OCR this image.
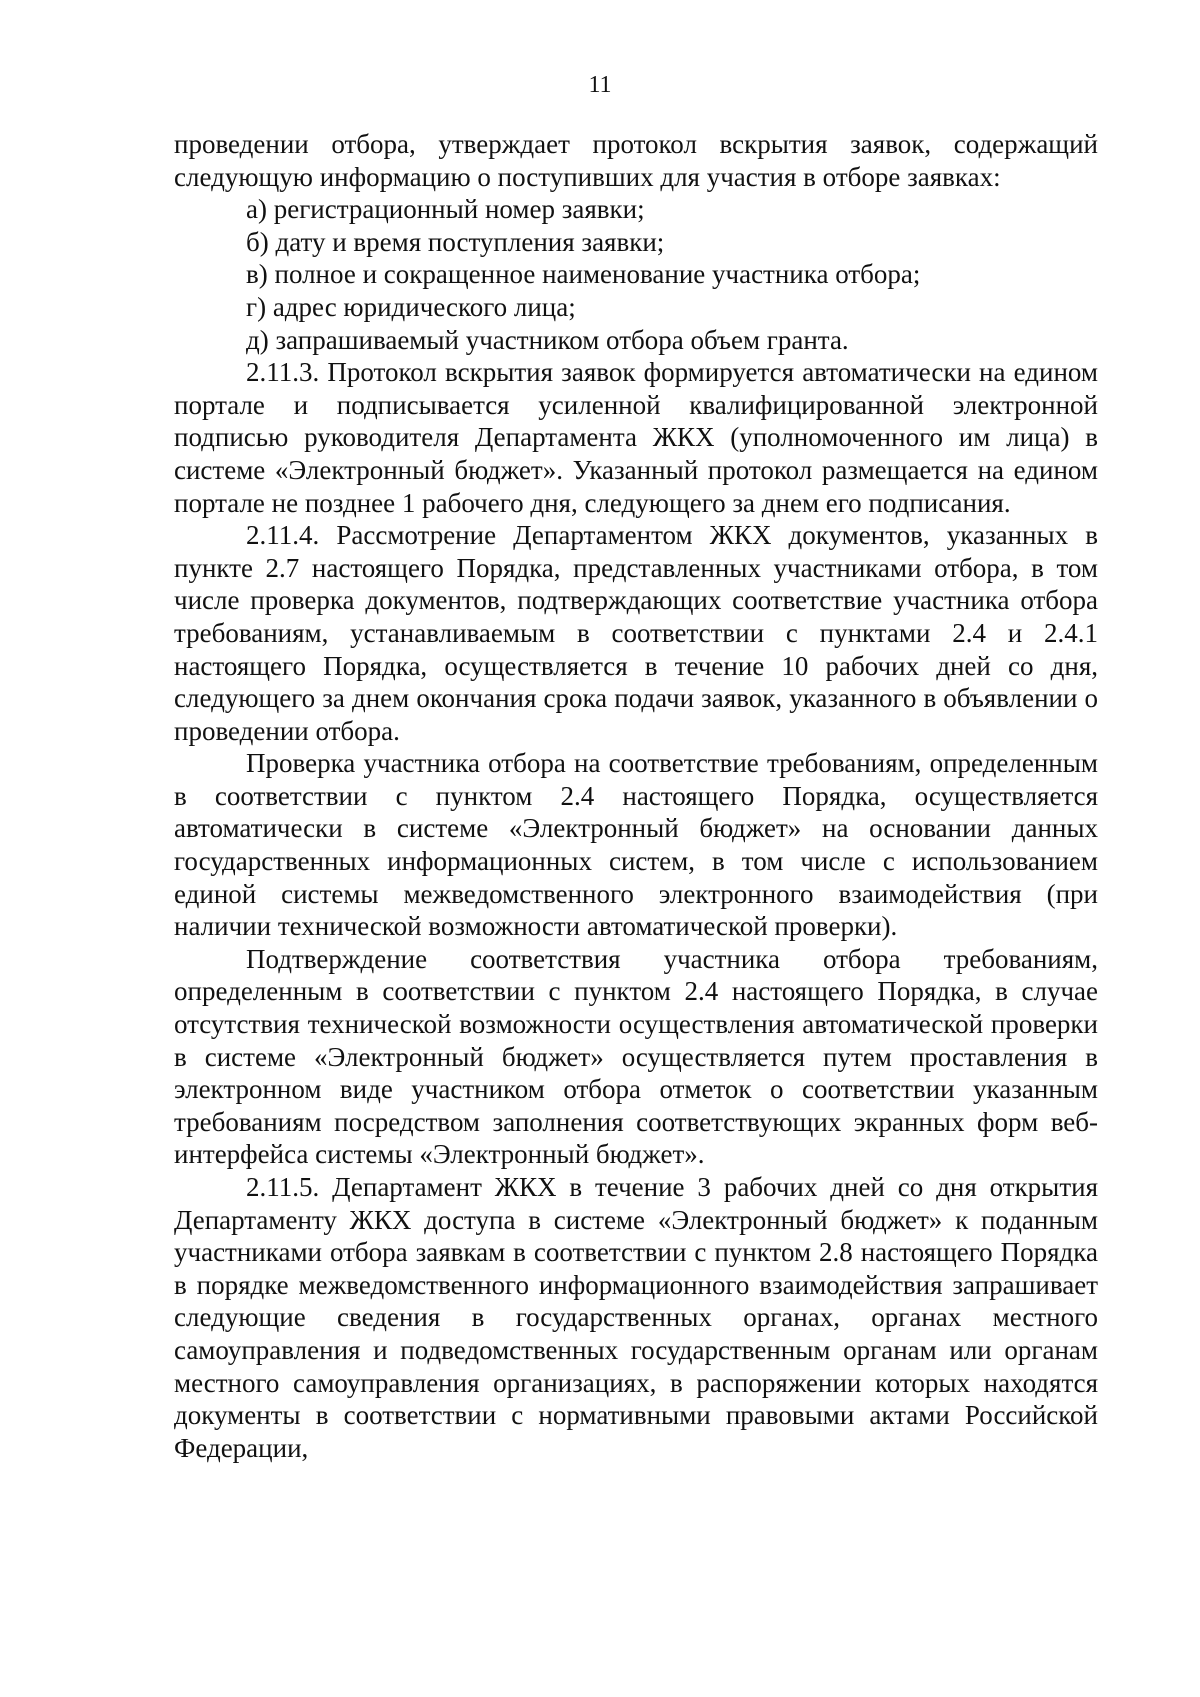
11

проведении отбора, утверждает протокол вскрытия заявок, содержащий следующую информацию о поступивших для участия в отборе заявках:

а) регистрационный номер заявки;

б) дату и время поступления заявки;

в) полное и сокращенное наименование участника отбора;

г) адрес юридического лица;

д) запрашиваемый участником отбора объем гранта.

2.11.3. Протокол вскрытия заявок формируется автоматически на едином портале и подписывается усиленной квалифицированной электронной подписью руководителя Департамента ЖКХ (уполномоченного им лица) в системе «Электронный бюджет». Указанный протокол размещается на едином портале не позднее 1 рабочего дня, следующего за днем его подписания.

2.11.4. Рассмотрение Департаментом ЖКХ документов, указанных в пункте 2.7 настоящего Порядка, представленных участниками отбора, в том числе проверка документов, подтверждающих соответствие участника отбора требованиям, устанавливаемым в соответствии с пунктами 2.4 и 2.4.1 настоящего Порядка, осуществляется в течение 10 рабочих дней со дня, следующего за днем окончания срока подачи заявок, указанного в объявлении о проведении отбора.

Проверка участника отбора на соответствие требованиям, определенным в соответствии с пунктом 2.4 настоящего Порядка, осуществляется автоматически в системе «Электронный бюджет» на основании данных государственных информационных систем, в том числе с использованием единой системы межведомственного электронного взаимодействия (при наличии технической возможности автоматической проверки).

Подтверждение соответствия участника отбора требованиям, определенным в соответствии с пунктом 2.4 настоящего Порядка, в случае отсутствия технической возможности осуществления автоматической проверки в системе «Электронный бюджет» осуществляется путем проставления в электронном виде участником отбора отметок о соответствии указанным требованиям посредством заполнения соответствующих экранных форм веб-интерфейса системы «Электронный бюджет».

2.11.5. Департамент ЖКХ в течение 3 рабочих дней со дня открытия Департаменту ЖКХ доступа в системе «Электронный бюджет» к поданным участниками отбора заявкам в соответствии с пунктом 2.8 настоящего Порядка в порядке межведомственного информационного взаимодействия запрашивает следующие сведения в государственных органах, органах местного самоуправления и подведомственных государственным органам или органам местного самоуправления организациях, в распоряжении которых находятся документы в соответствии с нормативными правовыми актами Российской Федерации,
